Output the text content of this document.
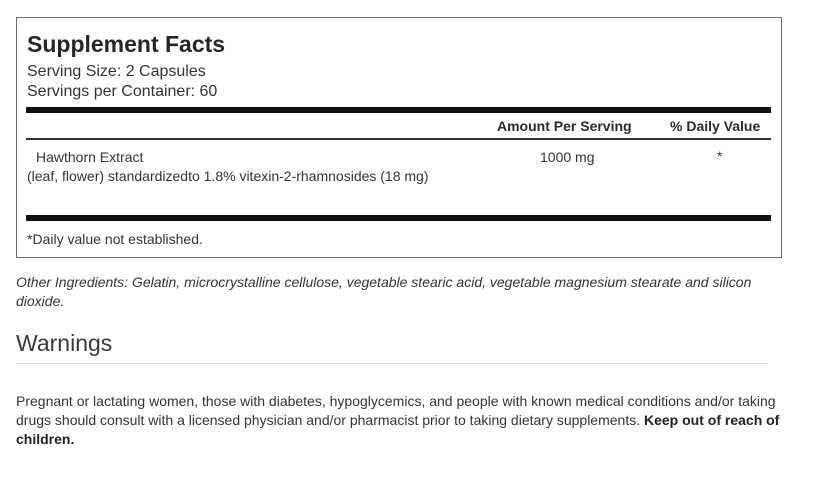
Supplement Facts
Serving Size: 2 Capsules
Servings per Container: 60
Amount Per Serving	% Daily Value
Hawthorn Extract
(leaf, flower) standardizedto 1.8% vitexin-2-rhamnosides (18 mg)
1000 mg	*
*Daily value not established.

Other Ingredients: Gelatin, microcrystalline cellulose, vegetable stearic acid, vegetable magnesium stearate and silicon dioxide.

Warnings

Pregnant or lactating women, those with diabetes, hypoglycemics, and people with known medical conditions and/or taking drugs should consult with a licensed physician and/or pharmacist prior to taking dietary supplements. Keep out of reach of children.
